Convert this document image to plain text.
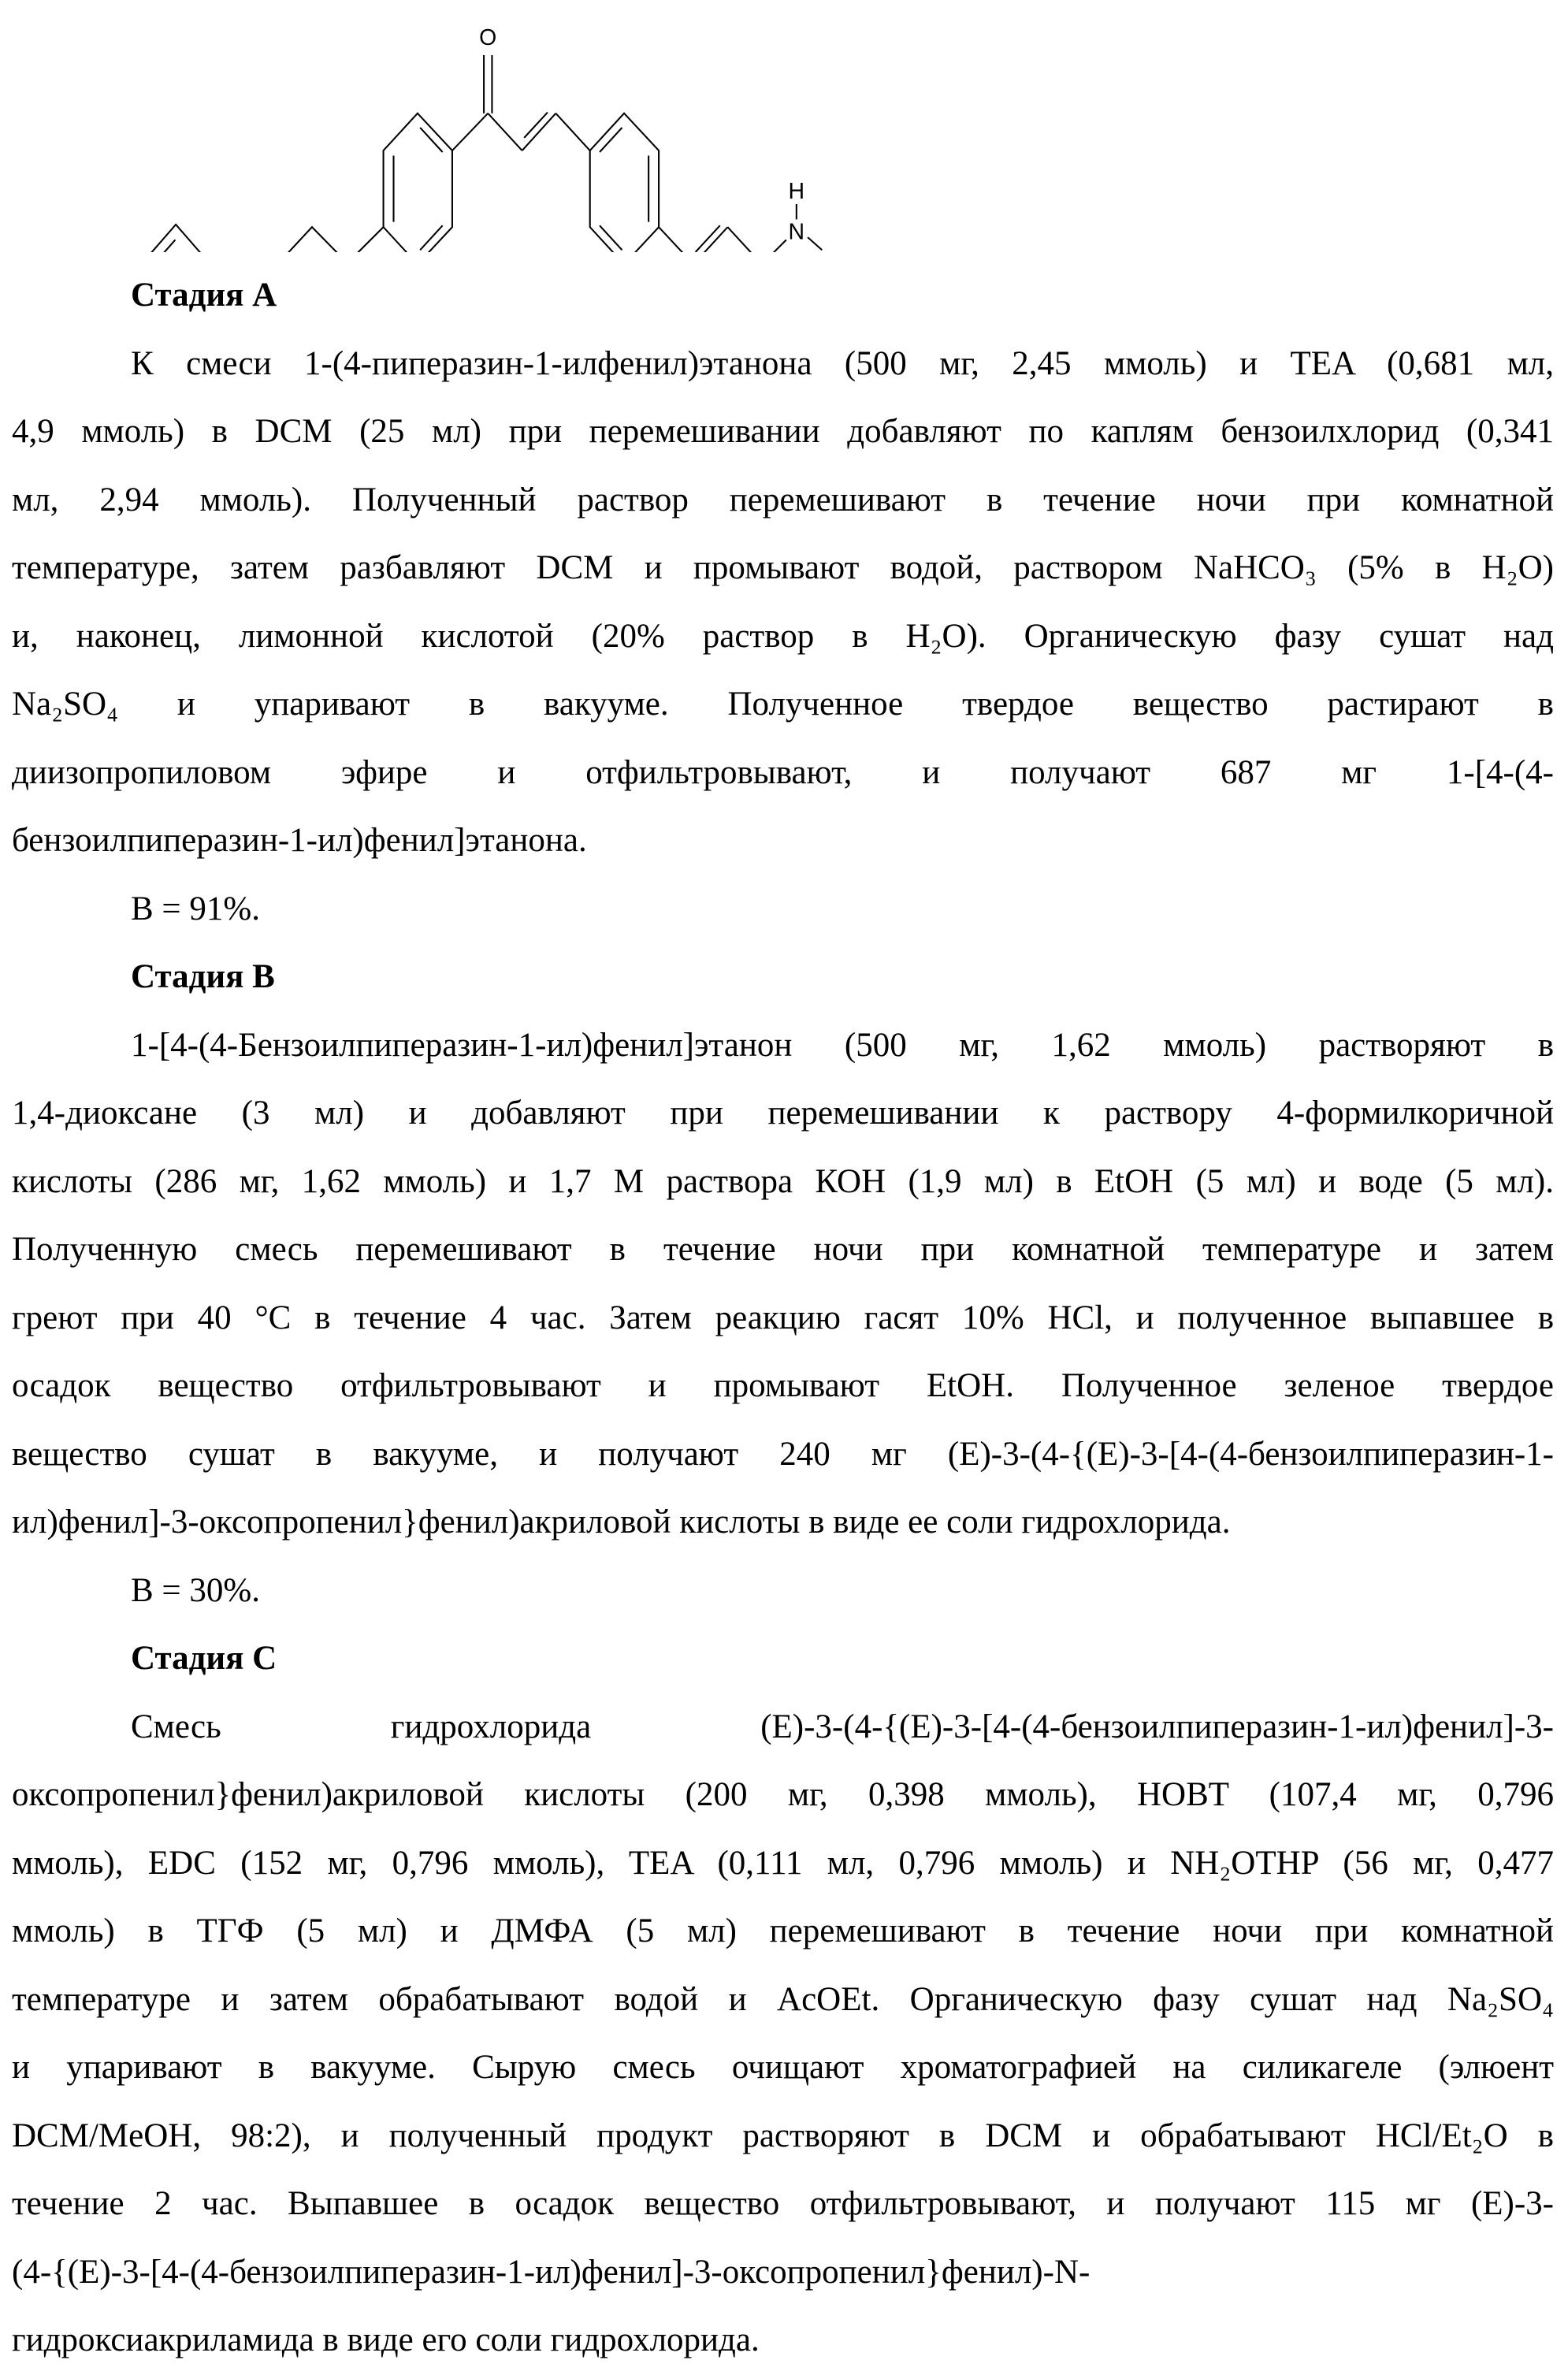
O
N
H
Стадия А
К смеси 1-(4-пиперазин-1-илфенил)этанона (500 мг, 2,45 ммоль) и TEA (0,681 мл,
4,9 ммоль) в DCM (25 мл) при перемешивании добавляют по каплям бензоилхлорид (0,341
мл, 2,94 ммоль). Полученный раствор перемешивают в течение ночи при комнатной
температуре, затем разбавляют DCM и промывают водой, раствором NaHCO₃ (5% в H₂O)
и, наконец, лимонной кислотой (20% раствор в H₂O). Органическую фазу сушат над
Na₂SO₄ и упаривают в вакууме. Полученное твердое вещество растирают в
диизопропиловом эфире и отфильтровывают, и получают 687 мг 1-[4-(4-
бензоилпиперазин-1-ил)фенил]этанона.
В = 91%.
Стадия В
1-[4-(4-Бензоилпиперазин-1-ил)фенил]этанон (500 мг, 1,62 ммоль) растворяют в
1,4-диоксане (3 мл) и добавляют при перемешивании к раствору 4-формилкоричной
кислоты (286 мг, 1,62 ммоль) и 1,7 М раствора КОН (1,9 мл) в EtOH (5 мл) и воде (5 мл).
Полученную смесь перемешивают в течение ночи при комнатной температуре и затем
греют при 40 °C в течение 4 час. Затем реакцию гасят 10% HCl, и полученное выпавшее в
осадок вещество отфильтровывают и промывают EtOH. Полученное зеленое твердое
вещество сушат в вакууме, и получают 240 мг (E)-3-(4-{(E)-3-[4-(4-бензоилпиперазин-1-
ил)фенил]-3-оксопропенил}фенил)акриловой кислоты в виде ее соли гидрохлорида.
В = 30%.
Стадия С
Смесь гидрохлорида (E)-3-(4-{(E)-3-[4-(4-бензоилпиперазин-1-ил)фенил]-3-
оксопропенил}фенил)акриловой кислоты (200 мг, 0,398 ммоль), HOBT (107,4 мг, 0,796
ммоль), EDC (152 мг, 0,796 ммоль), TEA (0,111 мл, 0,796 ммоль) и NH₂OTHP (56 мг, 0,477
ммоль) в ТГФ (5 мл) и ДМФА (5 мл) перемешивают в течение ночи при комнатной
температуре и затем обрабатывают водой и AcOEt. Органическую фазу сушат над Na₂SO₄
и упаривают в вакууме. Сырую смесь очищают хроматографией на силикагеле (элюент
DCM/MeOH, 98:2), и полученный продукт растворяют в DCM и обрабатывают HCl/Et₂O в
течение 2 час. Выпавшее в осадок вещество отфильтровывают, и получают 115 мг (E)-3-
(4-{(E)-3-[4-(4-бензоилпиперазин-1-ил)фенил]-3-оксопропенил}фенил)-N-
гидроксиакриламида в виде его соли гидрохлорида.
